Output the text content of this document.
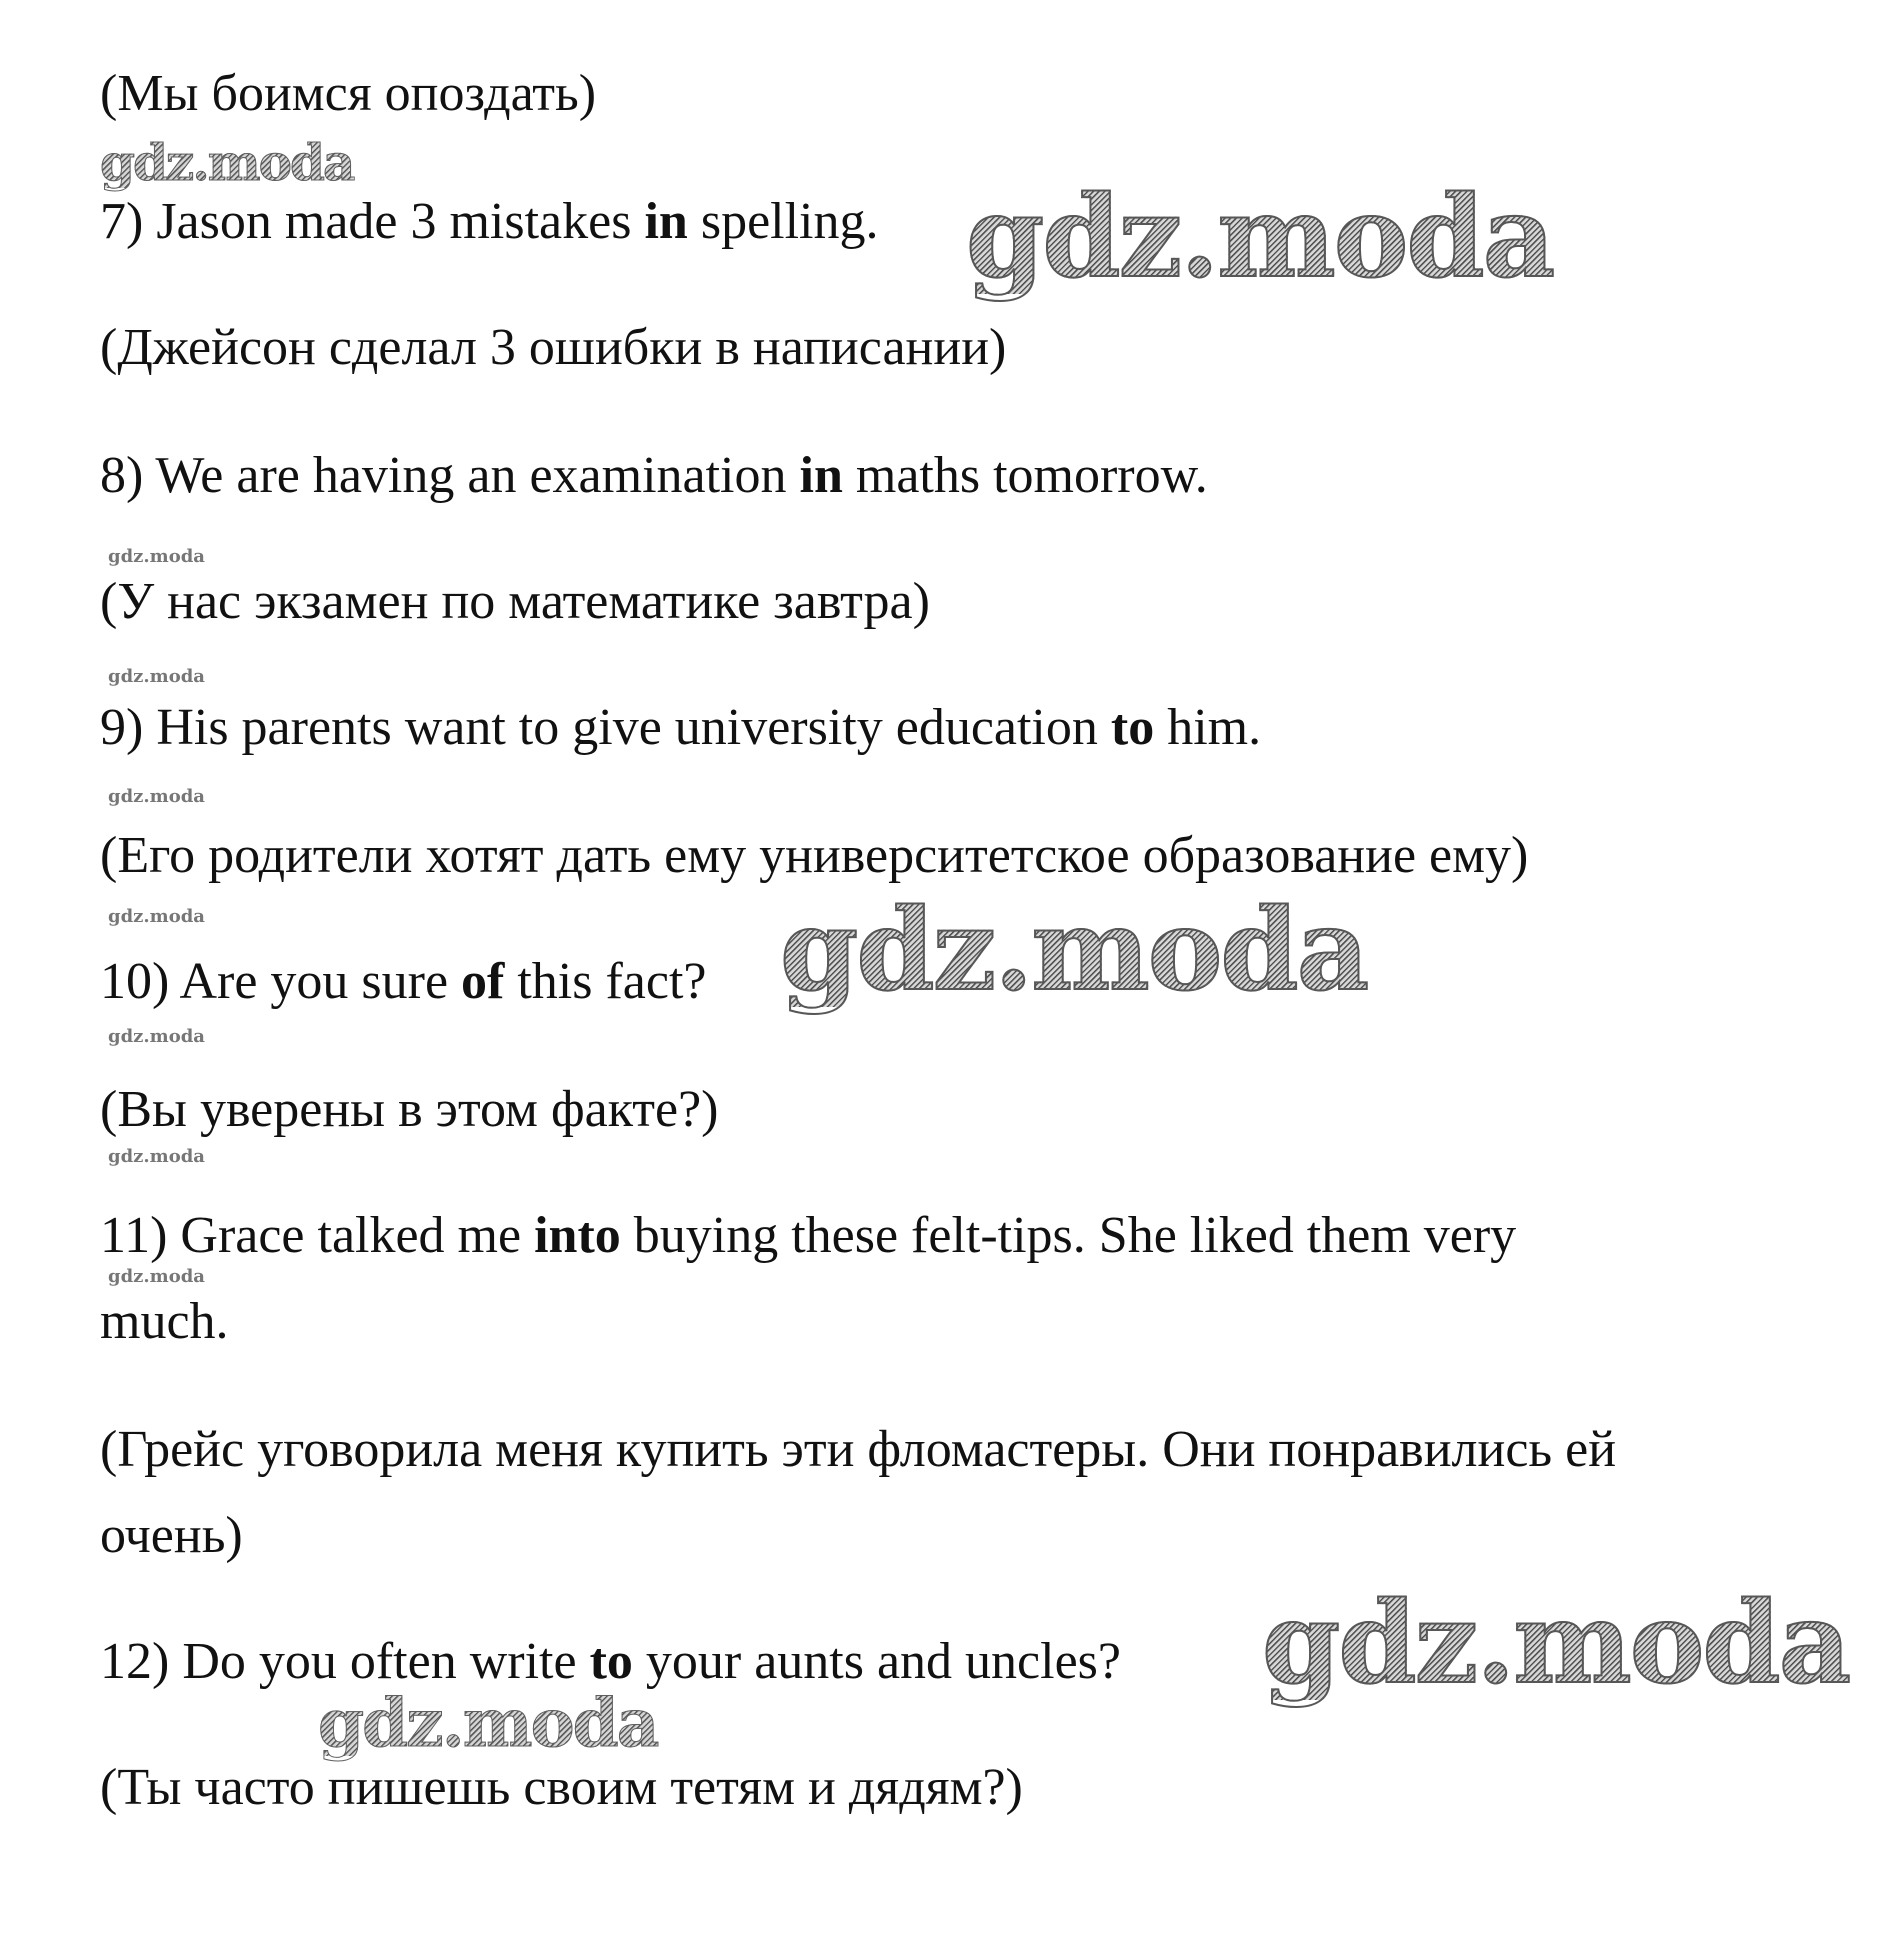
(Мы боимся опоздать)

7) Jason made 3 mistakes in spelling.

(Джейсон сделал 3 ошибки в написании)

8) We are having an examination in maths tomorrow.

(У нас экзамен по математике завтра)

9) His parents want to give university education to him.

(Его родители хотят дать ему университетское образование ему)

10) Are you sure of this fact?

(Вы уверены в этом факте?)

11) Grace talked me into buying these felt-tips. She liked them very

much.

(Грейс уговорила меня купить эти фломастеры. Они понравились ей

очень)

12) Do you often write to your aunts and uncles?

(Ты часто пишешь своим тетям и дядям?)

gdz.moda
gdz.moda
gdz.moda
gdz.moda
gdz.moda
gdz.moda	gdz.moda
gdz.moda
gdz.moda
gdz.moda
gdz.moda
gdz.moda
